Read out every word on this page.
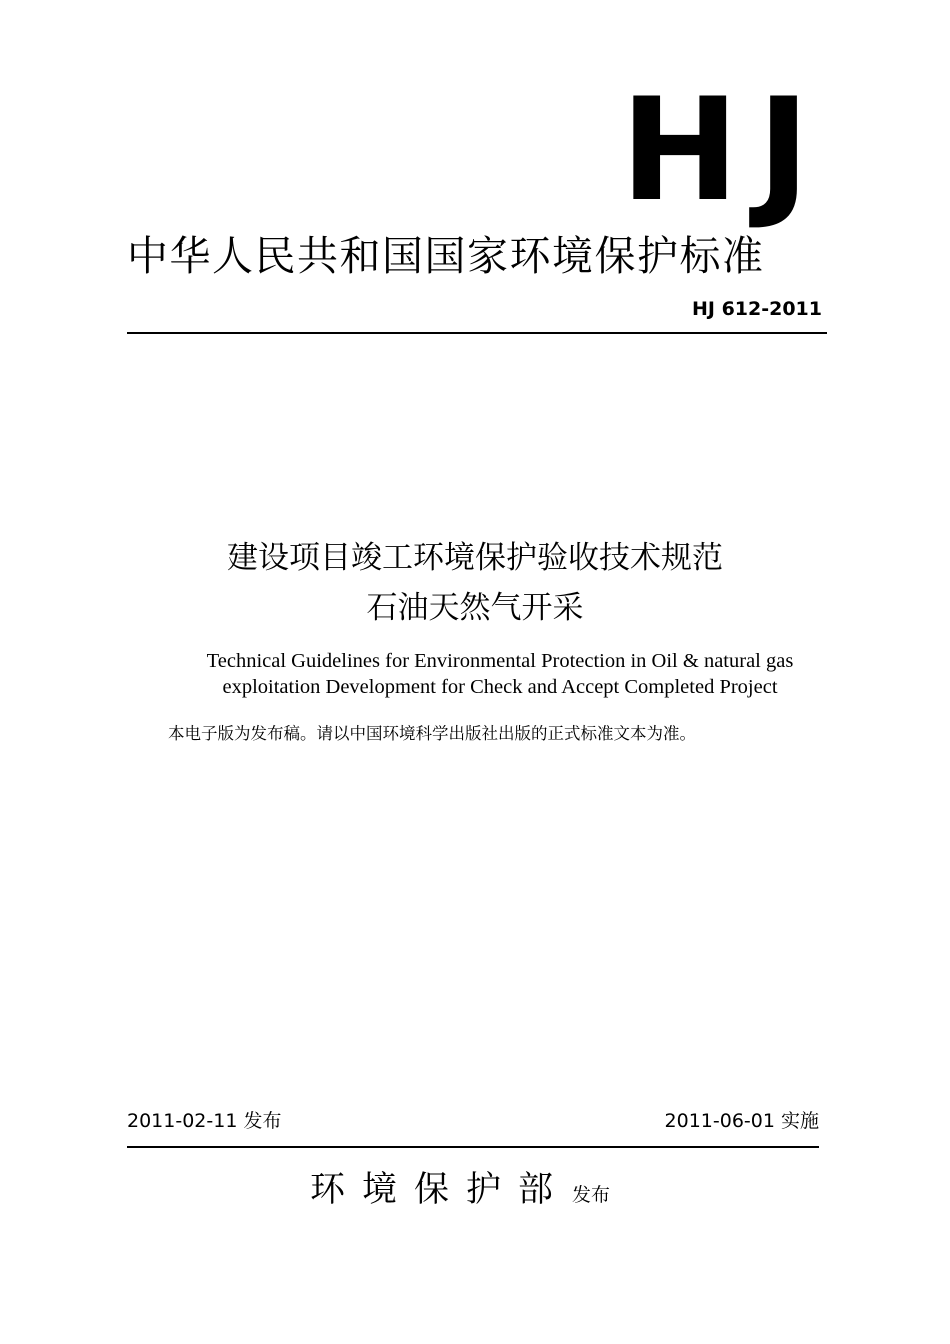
HJ
中华人民共和国国家环境保护标准
HJ 612-2011
建设项目竣工环境保护验收技术规范
石油天然气开采
Technical Guidelines for Environmental Protection in Oil & natural gas
exploitation Development for Check and Accept Completed Project
本电子版为发布稿。请以中国环境科学出版社出版的正式标准文本为准。
2011-02-11 发布	2011-06-01 实施
环境保护部 发布
